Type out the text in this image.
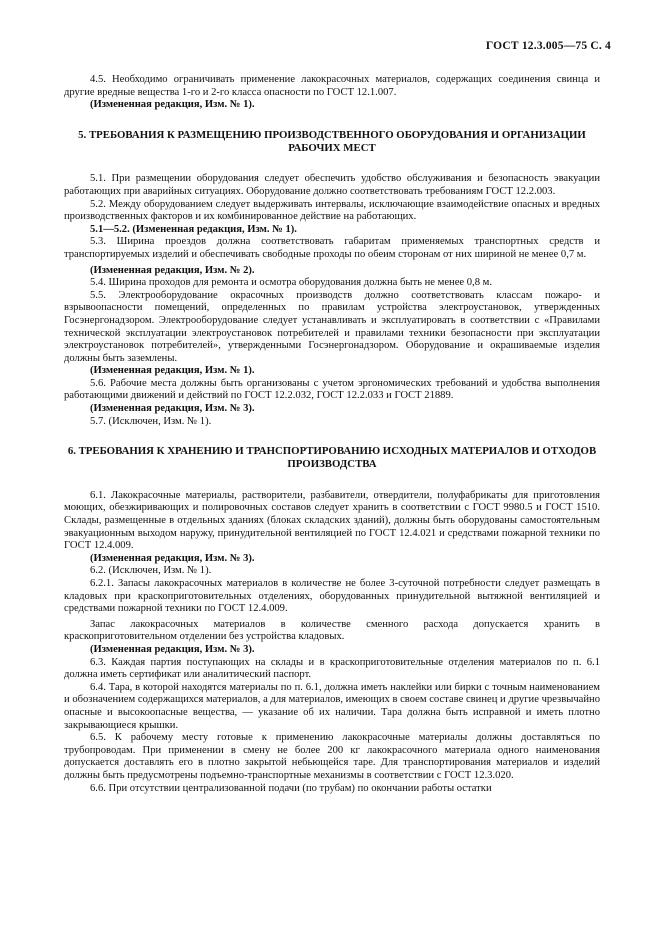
ГОСТ 12.3.005—75 С. 4

4.5. Необходимо ограничивать применение лакокрасочных материалов, содержащих соединения свинца и другие вредные вещества 1-го и 2-го класса опасности по ГОСТ 12.1.007.

(Измененная редакция, Изм. № 1).

5. ТРЕБОВАНИЯ К РАЗМЕЩЕНИЮ ПРОИЗВОДСТВЕННОГО ОБОРУДОВАНИЯ И ОРГАНИЗАЦИИ РАБОЧИХ МЕСТ

5.1. При размещении оборудования следует обеспечить удобство обслуживания и безопасность эвакуации работающих при аварийных ситуациях. Оборудование должно соответствовать требованиям ГОСТ 12.2.003.

5.2. Между оборудованием следует выдерживать интервалы, исключающие взаимодействие опасных и вредных производственных факторов и их комбинированное действие на работающих.

5.1—5.2. (Измененная редакция, Изм. № 1).

5.3. Ширина проездов должна соответствовать габаритам применяемых транспортных средств и транспортируемых изделий и обеспечивать свободные проходы по обеим сторонам от них шириной не менее 0,7 м.

(Измененная редакция, Изм. № 2).

5.4. Ширина проходов для ремонта и осмотра оборудования должна быть не менее 0,8 м.

5.5. Электрооборудование окрасочных производств должно соответствовать классам пожаро- и взрывоопасности помещений, определенных по правилам устройства электроустановок, утвержденных Госэнергонадзором. Электрооборудование следует устанавливать и эксплуатировать в соответствии с «Правилами технической эксплуатации электроустановок потребителей и правилами техники безопасности при эксплуатации электроустановок потребителей», утвержденными Госэнергонадзором. Оборудование и окрашиваемые изделия должны быть заземлены.

(Измененная редакция, Изм. № 1).

5.6. Рабочие места должны быть организованы с учетом эргономических требований и удобства выполнения работающими движений и действий по ГОСТ 12.2.032, ГОСТ 12.2.033 и ГОСТ 21889.

(Измененная редакция, Изм. № 3).

5.7. (Исключен, Изм. № 1).

6. ТРЕБОВАНИЯ К ХРАНЕНИЮ И ТРАНСПОРТИРОВАНИЮ ИСХОДНЫХ МАТЕРИАЛОВ И ОТХОДОВ ПРОИЗВОДСТВА

6.1. Лакокрасочные материалы, растворители, разбавители, отвердители, полуфабрикаты для приготовления моющих, обезжиривающих и полировочных составов следует хранить в соответствии с ГОСТ 9980.5 и ГОСТ 1510. Склады, размещенные в отдельных зданиях (блоках складских зданий), должны быть оборудованы самостоятельным эвакуационным выходом наружу, принудительной вентиляцией по ГОСТ 12.4.021 и средствами пожарной техники по ГОСТ 12.4.009.

(Измененная редакция, Изм. № 3).

6.2. (Исключен, Изм. № 1).

6.2.1. Запасы лакокрасочных материалов в количестве не более 3-суточной потребности следует размещать в кладовых при краскоприготовительных отделениях, оборудованных принудительной вытяжной вентиляцией и средствами пожарной техники по ГОСТ 12.4.009.

Запас лакокрасочных материалов в количестве сменного расхода допускается хранить в краскоприготовительном отделении без устройства кладовых.

(Измененная редакция, Изм. № 3).

6.3. Каждая партия поступающих на склады и в краскоприготовительные отделения материалов по п. 6.1 должна иметь сертификат или аналитический паспорт.

6.4. Тара, в которой находятся материалы по п. 6.1, должна иметь наклейки или бирки с точным наименованием и обозначением содержащихся материалов, а для материалов, имеющих в своем составе свинец и другие чрезвычайно опасные и высокоопасные вещества, — указание об их наличии. Тара должна быть исправной и иметь плотно закрывающиеся крышки.

6.5. К рабочему месту готовые к применению лакокрасочные материалы должны доставляться по трубопроводам. При применении в смену не более 200 кг лакокрасочного материала одного наименования допускается доставлять его в плотно закрытой небьющейся таре. Для транспортирования материалов и изделий должны быть предусмотрены подъемно-транспортные механизмы в соответствии с ГОСТ 12.3.020.

6.6. При отсутствии централизованной подачи (по трубам) по окончании работы остатки
